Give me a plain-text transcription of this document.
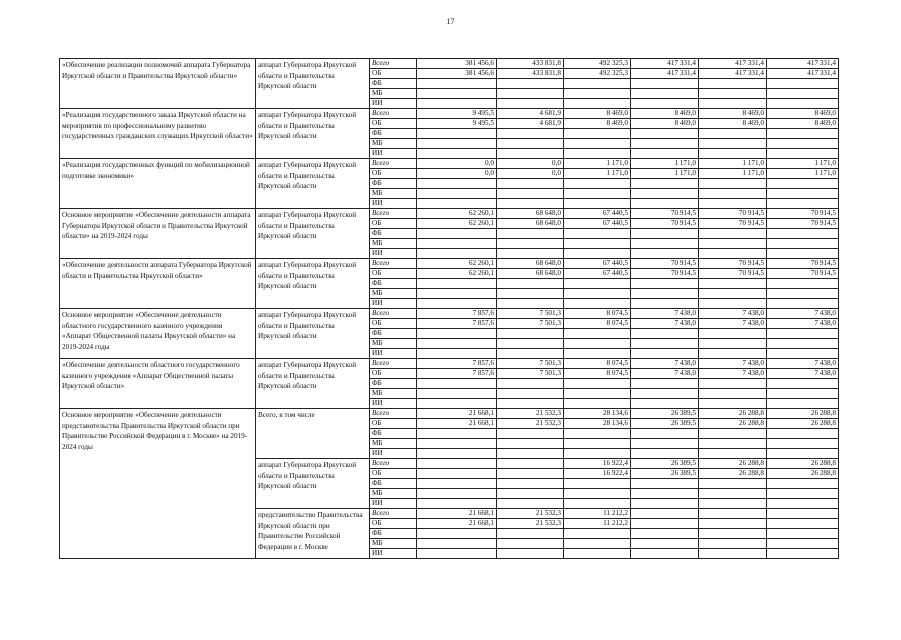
17
«Обеспечение реализации полномочий аппарата Губернатора Иркутской области и Правительства Иркутской области»	аппарат Губернатора Иркутской области и Правительства Иркутской области	Всего	381 456,6	433 831,8	492 325,3	417 331,4	417 331,4	417 331,4
		ОБ	381 456,6	433 831,8	492 325,3	417 331,4	417 331,4	417 331,4
		ФБ						
		МБ						
		ИИ						
«Реализация государственного заказа Иркутской области на мероприятия по профессиональному развитию государственных гражданских служащих Иркутской области»	аппарат Губернатора Иркутской области и Правительства Иркутской области	Всего	9 495,5	4 681,9	8 469,0	8 469,0	8 469,0	8 469,0
		ОБ	9 495,5	4 681,9	8 469,0	8 469,0	8 469,0	8 469,0
		ФБ						
		МБ						
		ИИ						
«Реализация государственных функций по мобилизационной подготовке экономики»	аппарат Губернатора Иркутской области и Правительства Иркутской области	Всего	0,0	0,0	1 171,0	1 171,0	1 171,0	1 171,0
		ОБ	0,0	0,0	1 171,0	1 171,0	1 171,0	1 171,0
		ФБ						
		МБ						
		ИИ						
Основное мероприятие «Обеспечение деятельности аппарата Губернатора Иркутской области и Правительства Иркутской области» на 2019-2024 годы	аппарат Губернатора Иркутской области и Правительства Иркутской области	Всего	62 260,1	68 648,0	67 440,5	70 914,5	70 914,5	70 914,5
		ОБ	62 260,1	68 648,0	67 440,5	70 914,5	70 914,5	70 914,5
		ФБ						
		МБ						
		ИИ						
«Обеспечение деятельности аппарата Губернатора Иркутской области и Правительства Иркутской области»	аппарат Губернатора Иркутской области и Правительства Иркутской области	Всего	62 260,1	68 648,0	67 440,5	70 914,5	70 914,5	70 914,5
		ОБ	62 260,1	68 648,0	67 440,5	70 914,5	70 914,5	70 914,5
		ФБ						
		МБ						
		ИИ						
Основное мероприятие «Обеспечение деятельности областного государственного казенного учреждения «Аппарат Общественной палаты Иркутской области» на 2019-2024 годы	аппарат Губернатора Иркутской области и Правительства Иркутской области	Всего	7 857,6	7 501,3	8 074,5	7 438,0	7 438,0	7 438,0
		ОБ	7 857,6	7 501,3	8 074,5	7 438,0	7 438,0	7 438,0
		ФБ						
		МБ						
		ИИ						
«Обеспечение деятельности областного государственного казенного учреждения «Аппарат Общественной палаты Иркутской области»	аппарат Губернатора Иркутской области и Правительства Иркутской области	Всего	7 857,6	7 501,3	8 074,5	7 438,0	7 438,0	7 438,0
		ОБ	7 857,6	7 501,3	8 074,5	7 438,0	7 438,0	7 438,0
		ФБ						
		МБ						
		ИИ						
Основное мероприятие «Обеспечение деятельности представительства Правительства Иркутской области при Правительстве Российской Федерации в г. Москве» на 2019-2024 годы	Всего, в том числе	Всего	21 668,1	21 532,3	28 134,6	26 389,5	26 288,8	26 288,8
		ОБ	21 668,1	21 532,3	28 134,6	26 389,5	26 288,8	26 288,8
		ФБ						
		МБ						
		ИИ						
	аппарат Губернатора Иркутской области и Правительства Иркутской области	Всего			16 922,4	26 389,5	26 288,8	26 288,8
		ОБ			16 922,4	26 389,5	26 288,8	26 288,8
		ФБ						
		МБ						
		ИИ						
	представительство Правительства Иркутской области при Правительстве Российской Федерации в г. Москве	Всего	21 668,1	21 532,3	11 212,2			
		ОБ	21 668,1	21 532,3	11 212,2			
		ФБ						
		МБ						
		ИИ						
